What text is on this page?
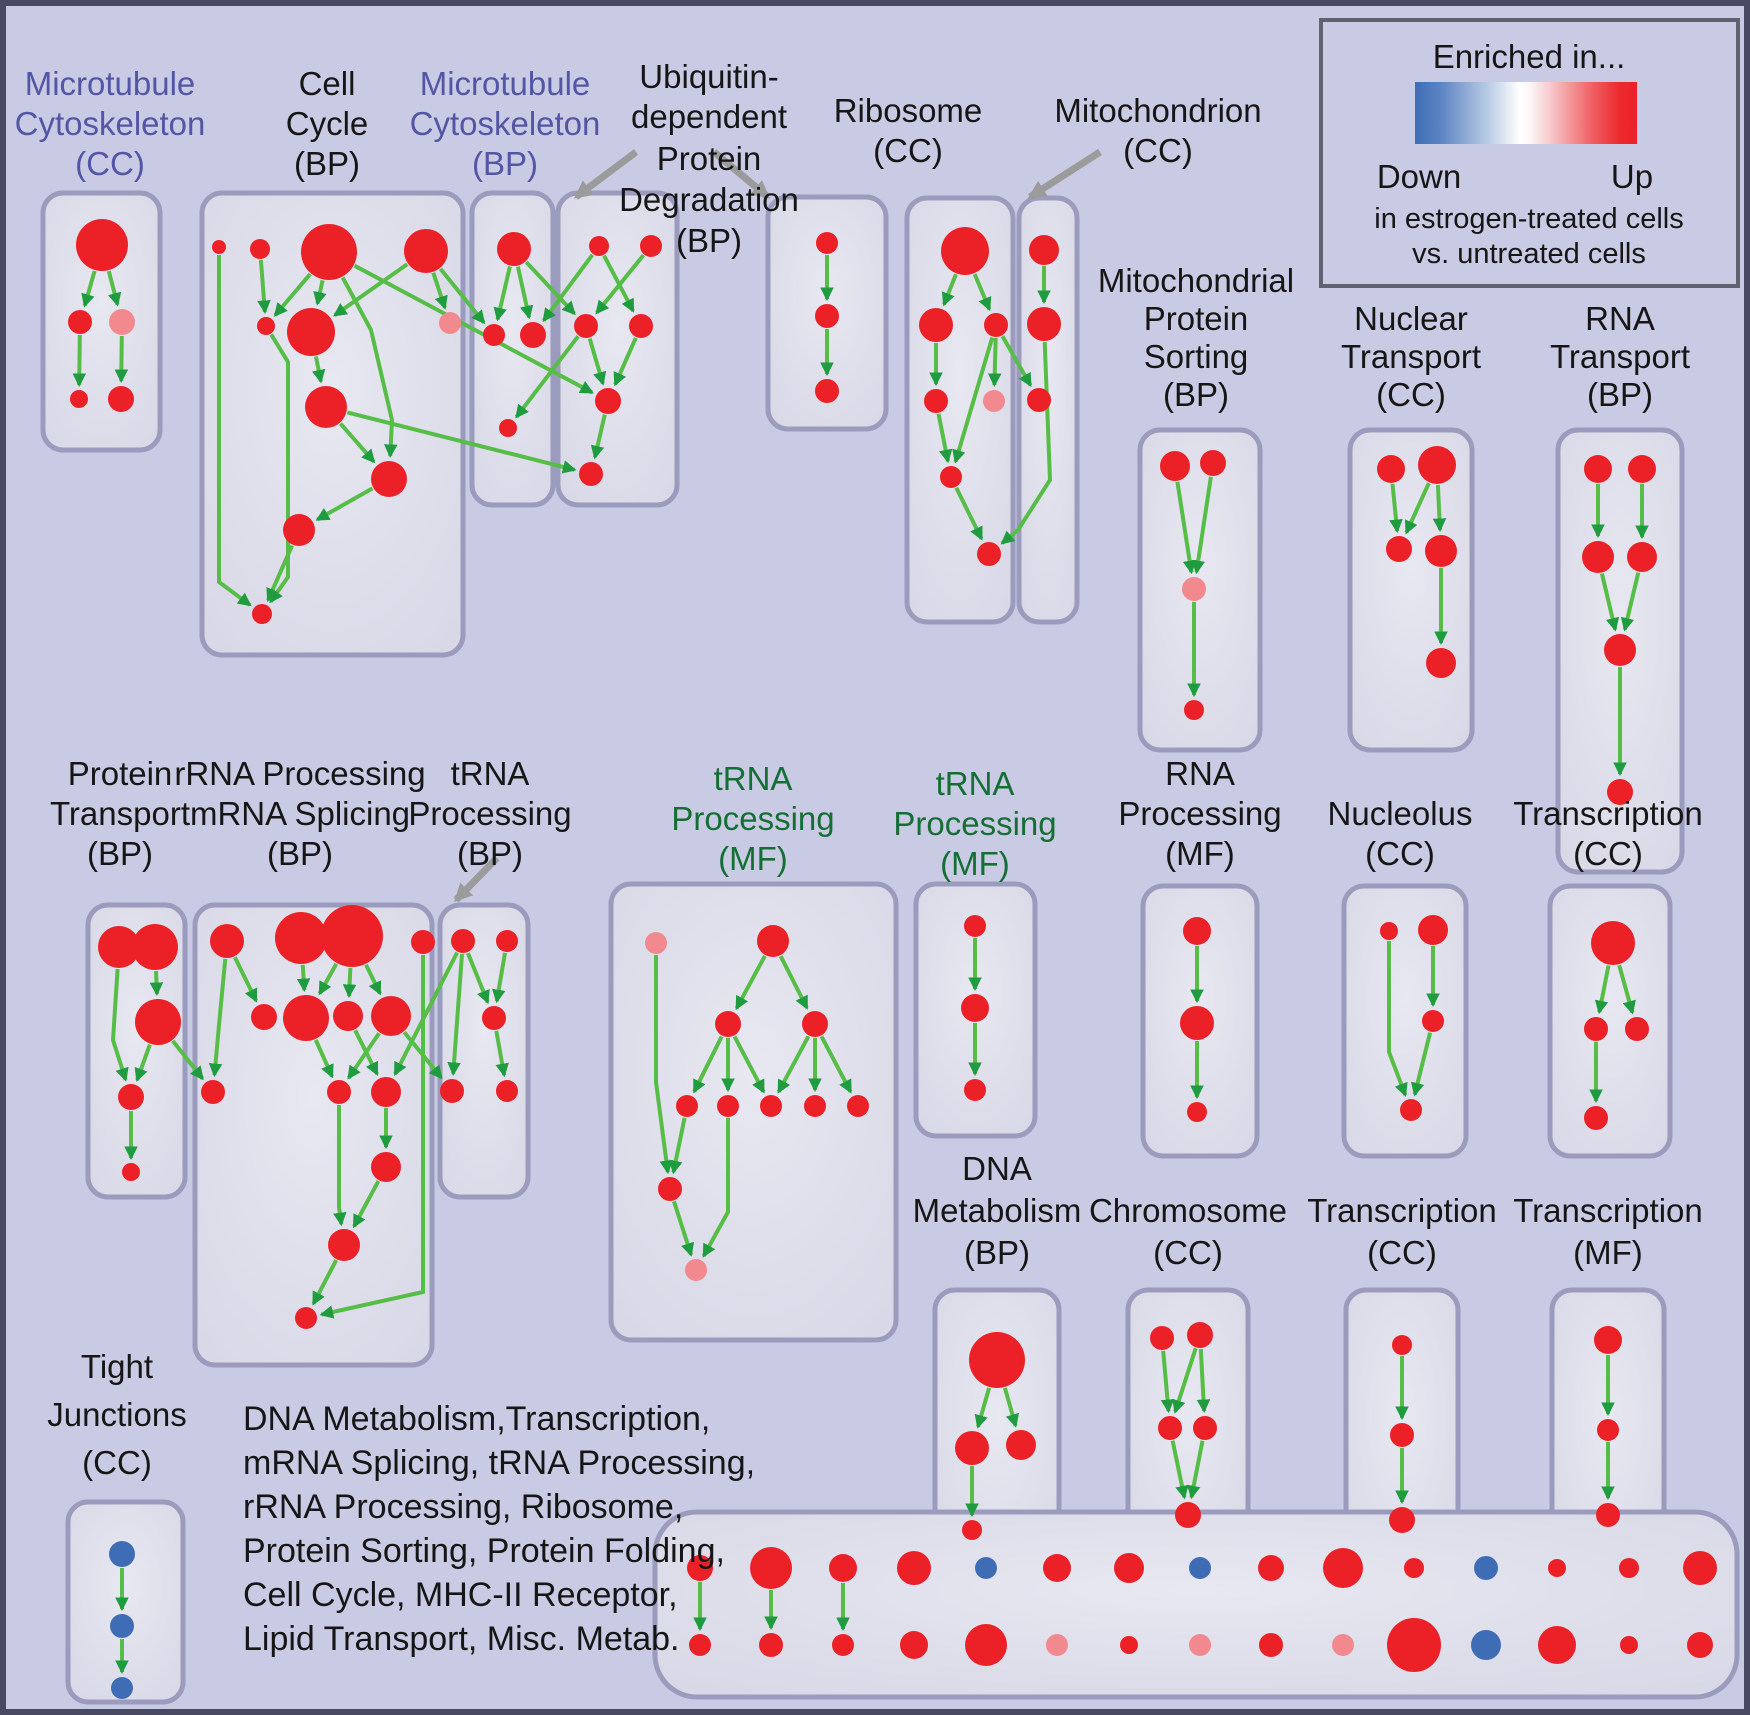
Microtubule
Cytoskeleton
(CC)
Cell
Cycle
(BP)
Microtubule
Cytoskeleton
(BP)
Ubiquitin-
dependent
Protein
Degradation
(BP)
Ribosome
(CC)
Mitochondrion
(CC)
Mitochondrial
Protein
Sorting
(BP)
Nuclear
Transport
(CC)
RNA
Transport
(BP)
Protein
Transport
(BP)
rRNA Processing
mRNA Splicing
(BP)
tRNA
Processing
(BP)
tRNA
Processing
(MF)
tRNA
Processing
(MF)
RNA
Processing
(MF)
Nucleolus
(CC)
Transcription
(CC)
Tight
Junctions
(CC)
DNA
Metabolism
(BP)
Chromosome
(CC)
Transcription
(CC)
Transcription
(MF)
Enriched in...
Down	Up
in estrogen-treated cells
vs. untreated cells
DNA Metabolism,Transcription,
mRNA Splicing, tRNA Processing,
rRNA Processing, Ribosome,
Protein Sorting, Protein Folding,
Cell Cycle, MHC-II Receptor,
Lipid Transport, Misc. Metab.
